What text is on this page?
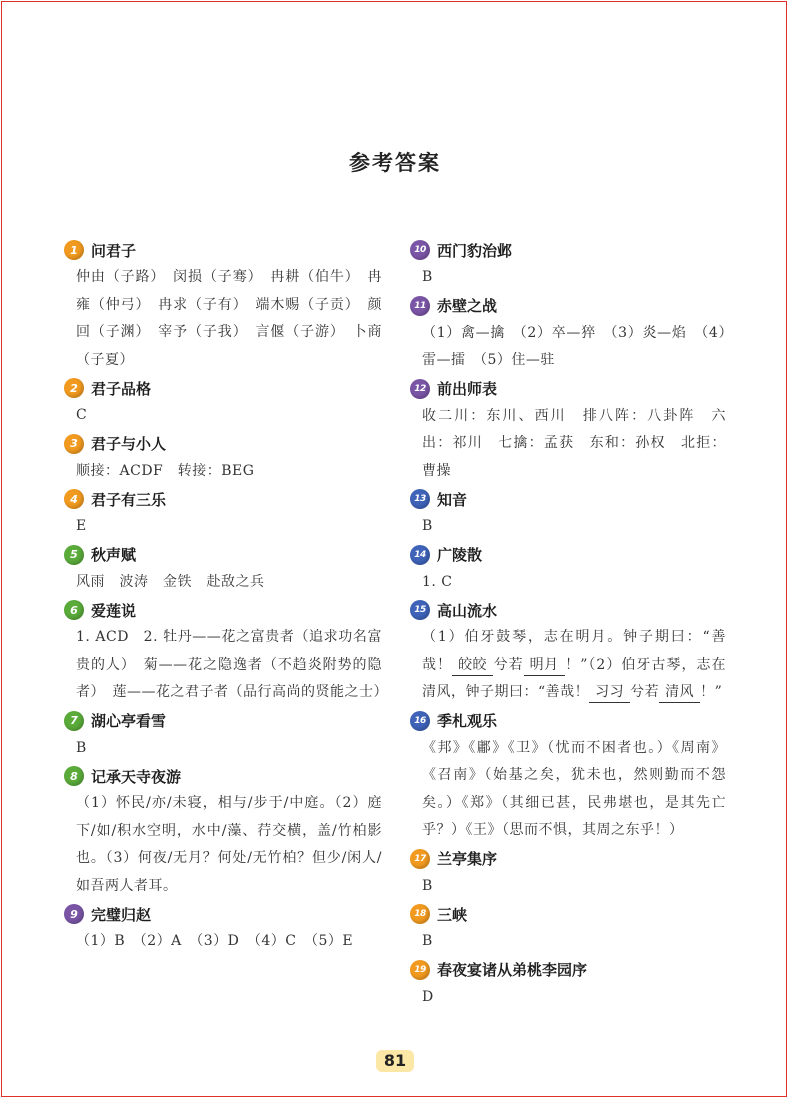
参考答案
1 问君子
仲由（子路）　闵损（子骞）　冉耕（伯牛）　冉雍（仲弓）　冉求（子有）　端木赐（子贡）　颜回（子渊）　宰予（子我）　言偃（子游）　卜商（子夏）
2 君子品格
C
3 君子与小人
顺接：ACDF　转接：BEG
4 君子有三乐
E
5 秋声赋
风雨　波涛　金铁　赴敌之兵
6 爱莲说
1. ACD　2. 牡丹——花之富贵者（追求功名富贵的人）　菊——花之隐逸者（不趋炎附势的隐者）　莲——花之君子者（品行高尚的贤能之士）
7 湖心亭看雪
B
8 记承天寺夜游
（1）怀民/亦/未寝，相与/步于/中庭。（2）庭下/如/积水空明，水中/藻、荇交横，盖/竹柏影也。（3）何夜/无月？何处/无竹柏？但少/闲人/如吾两人者耳。
9 完璧归赵
（1）B　（2）A　（3）D　（4）C　（5）E
10 西门豹治邺
B
11 赤壁之战
（1）禽—擒　（2）卒—猝　（3）炎—焰　（4）雷—擂　（5）住—驻
12 前出师表
收二川：东川、西川　排八阵：八卦阵　六出：祁川　七擒：孟获　东和：孙权　北拒：曹操
13 知音
B
14 广陵散
1. C
15 高山流水
（1）伯牙鼓琴，志在明月。钟子期曰：“善哉！ 皎皎 兮若 明月 ！”（2）伯牙古琴，志在清风，钟子期曰：“善哉！ 习习 兮若 清风 ！”
16 季札观乐
《邦》《鄘》《卫》（忧而不困者也。）《周南》《召南》（始基之矣，犹未也，然则勤而不怨矣。）《郑》（其细已甚，民弗堪也，是其先亡乎？）《王》（思而不惧，其周之东乎！）
17 兰亭集序
B
18 三峡
B
19 春夜宴诸从弟桃李园序
D
81
